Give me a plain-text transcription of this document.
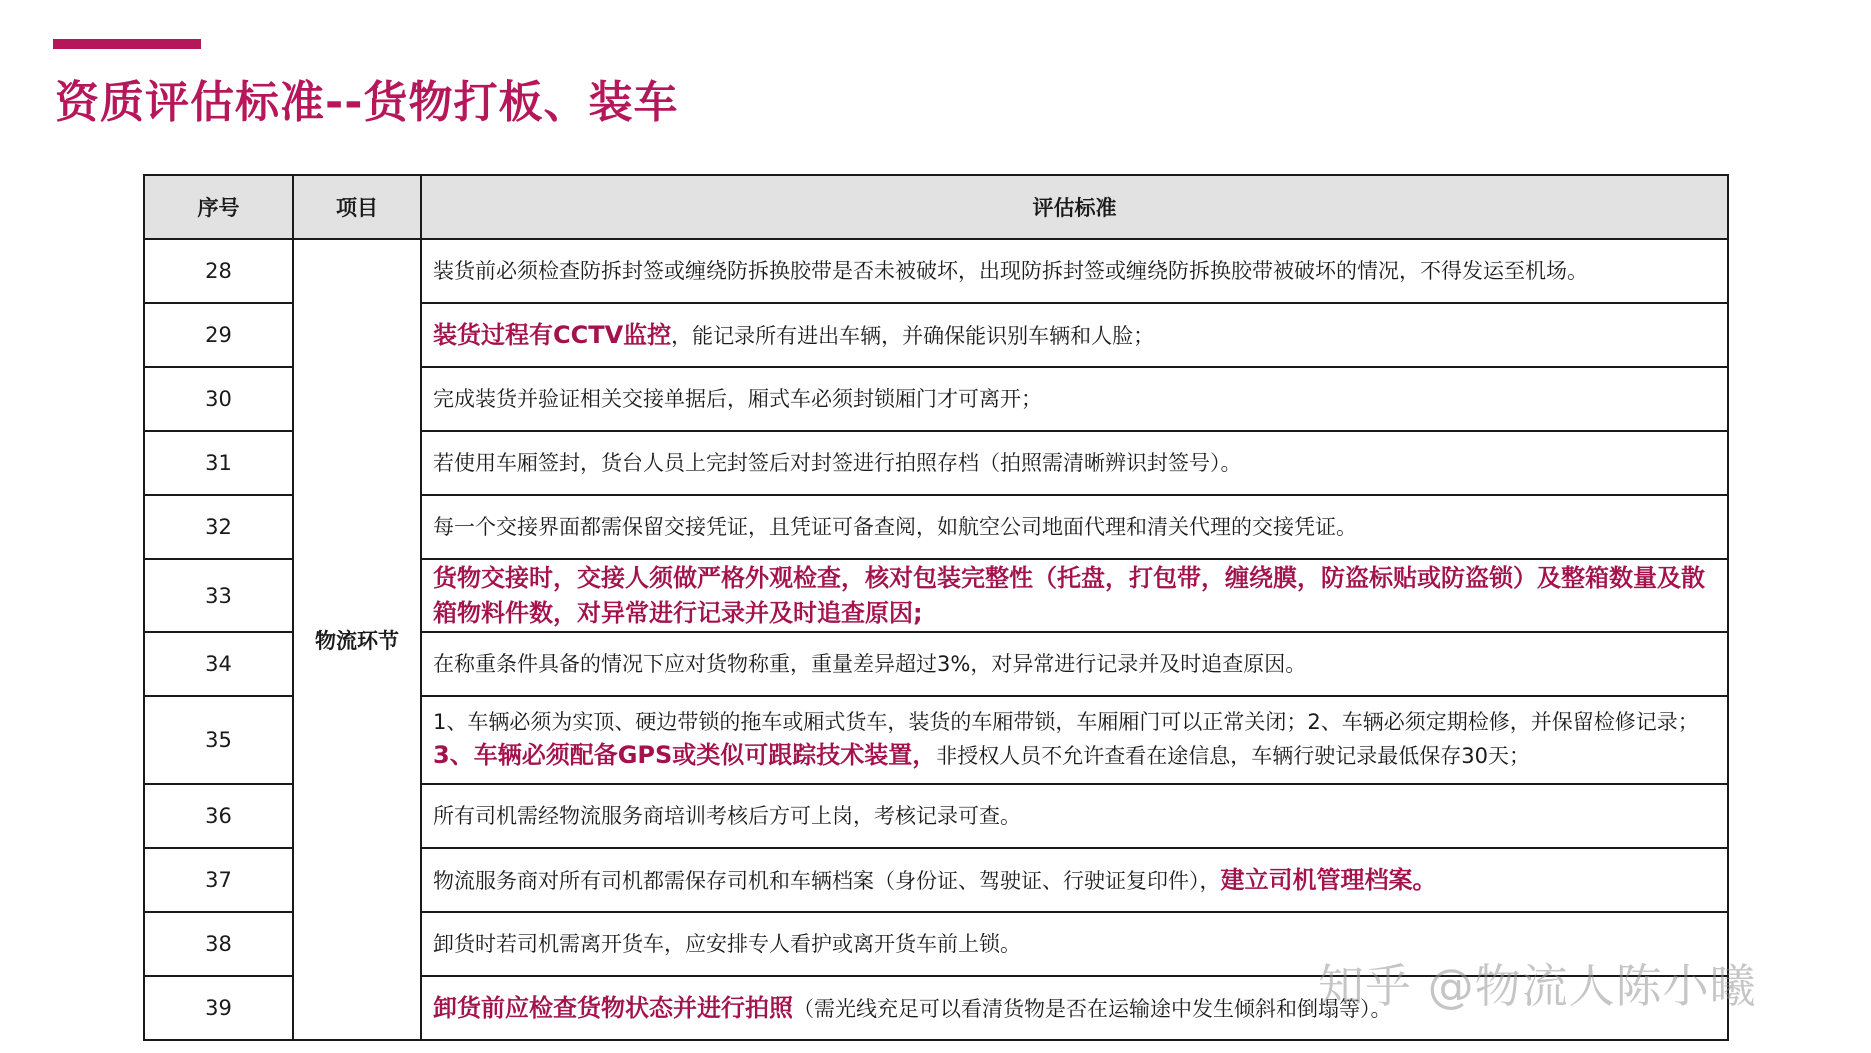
资质评估标准--货物打板、装车
序号	项目	评估标准
28	物流环节	装货前必须检查防拆封签或缠绕防拆换胶带是否未被破坏，出现防拆封签或缠绕防拆换胶带被破坏的情况，不得发运至机场。
29		装货过程有CCTV监控，能记录所有进出车辆，并确保能识别车辆和人脸；
30		完成装货并验证相关交接单据后，厢式车必须封锁厢门才可离开；
31		若使用车厢签封，货台人员上完封签后对封签进行拍照存档（拍照需清晰辨识封签号）。
32		每一个交接界面都需保留交接凭证，且凭证可备查阅，如航空公司地面代理和清关代理的交接凭证。
33		货物交接时，交接人须做严格外观检查，核对包装完整性（托盘，打包带，缠绕膜，防盗标贴或防盗锁）及整箱数量及散箱物料件数，对异常进行记录并及时追查原因;
34		在称重条件具备的情况下应对货物称重，重量差异超过3%，对异常进行记录并及时追查原因。
35		1、车辆必须为实顶、硬边带锁的拖车或厢式货车，装货的车厢带锁，车厢厢门可以正常关闭；2、车辆必须定期检修，并保留检修记录；3、车辆必须配备GPS或类似可跟踪技术装置，非授权人员不允许查看在途信息，车辆行驶记录最低保存30天；
36		所有司机需经物流服务商培训考核后方可上岗，考核记录可查。
37		物流服务商对所有司机都需保存司机和车辆档案（身份证、驾驶证、行驶证复印件），建立司机管理档案。
38		卸货时若司机需离开货车，应安排专人看护或离开货车前上锁。
39		卸货前应检查货物状态并进行拍照（需光线充足可以看清货物是否在运输途中发生倾斜和倒塌等）。
知乎 @物流人陈小曦
